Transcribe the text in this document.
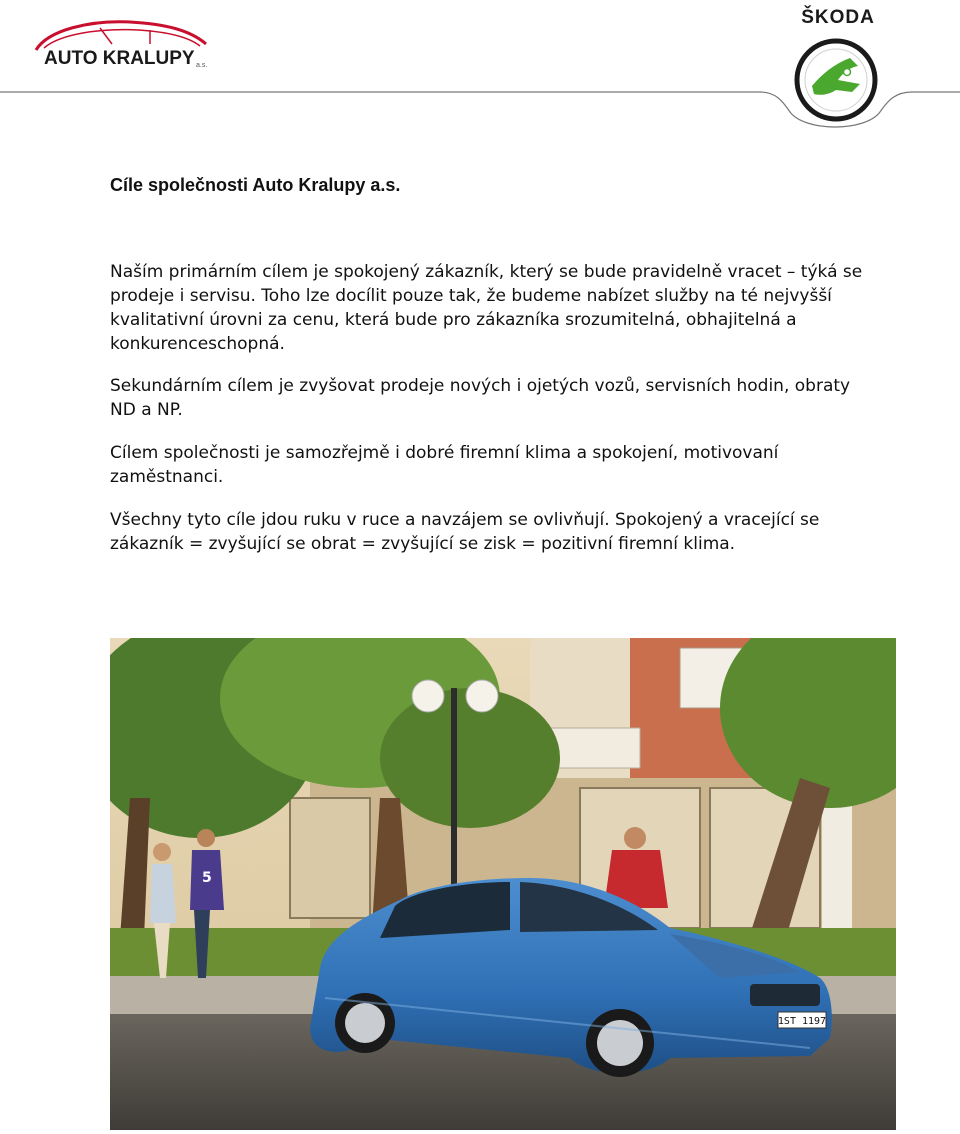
AUTO KRALUPY a.s.
ŠKODA
Cíle společnosti Auto Kralupy a.s.

Naším primárním cílem je spokojený zákazník, který se bude pravidelně vracet – týká se prodeje i servisu. Toho lze docílit pouze tak, že budeme nabízet služby na té nejvyšší kvalitativní úrovni za cenu, která bude pro zákazníka srozumitelná, obhajitelná a konkurenceschopná.

Sekundárním cílem je zvyšovat prodeje nových i ojetých vozů, servisních hodin, obraty ND a NP.

Cílem společnosti je samozřejmě i dobré firemní klima a spokojení, motivovaní zaměstnanci.

Všechny tyto cíle jdou ruku v ruce a navzájem se ovlivňují. Spokojený a vracející se zákazník = zvyšující se obrat = zvyšující se zisk = pozitivní firemní klima.

5
1ST 1197
